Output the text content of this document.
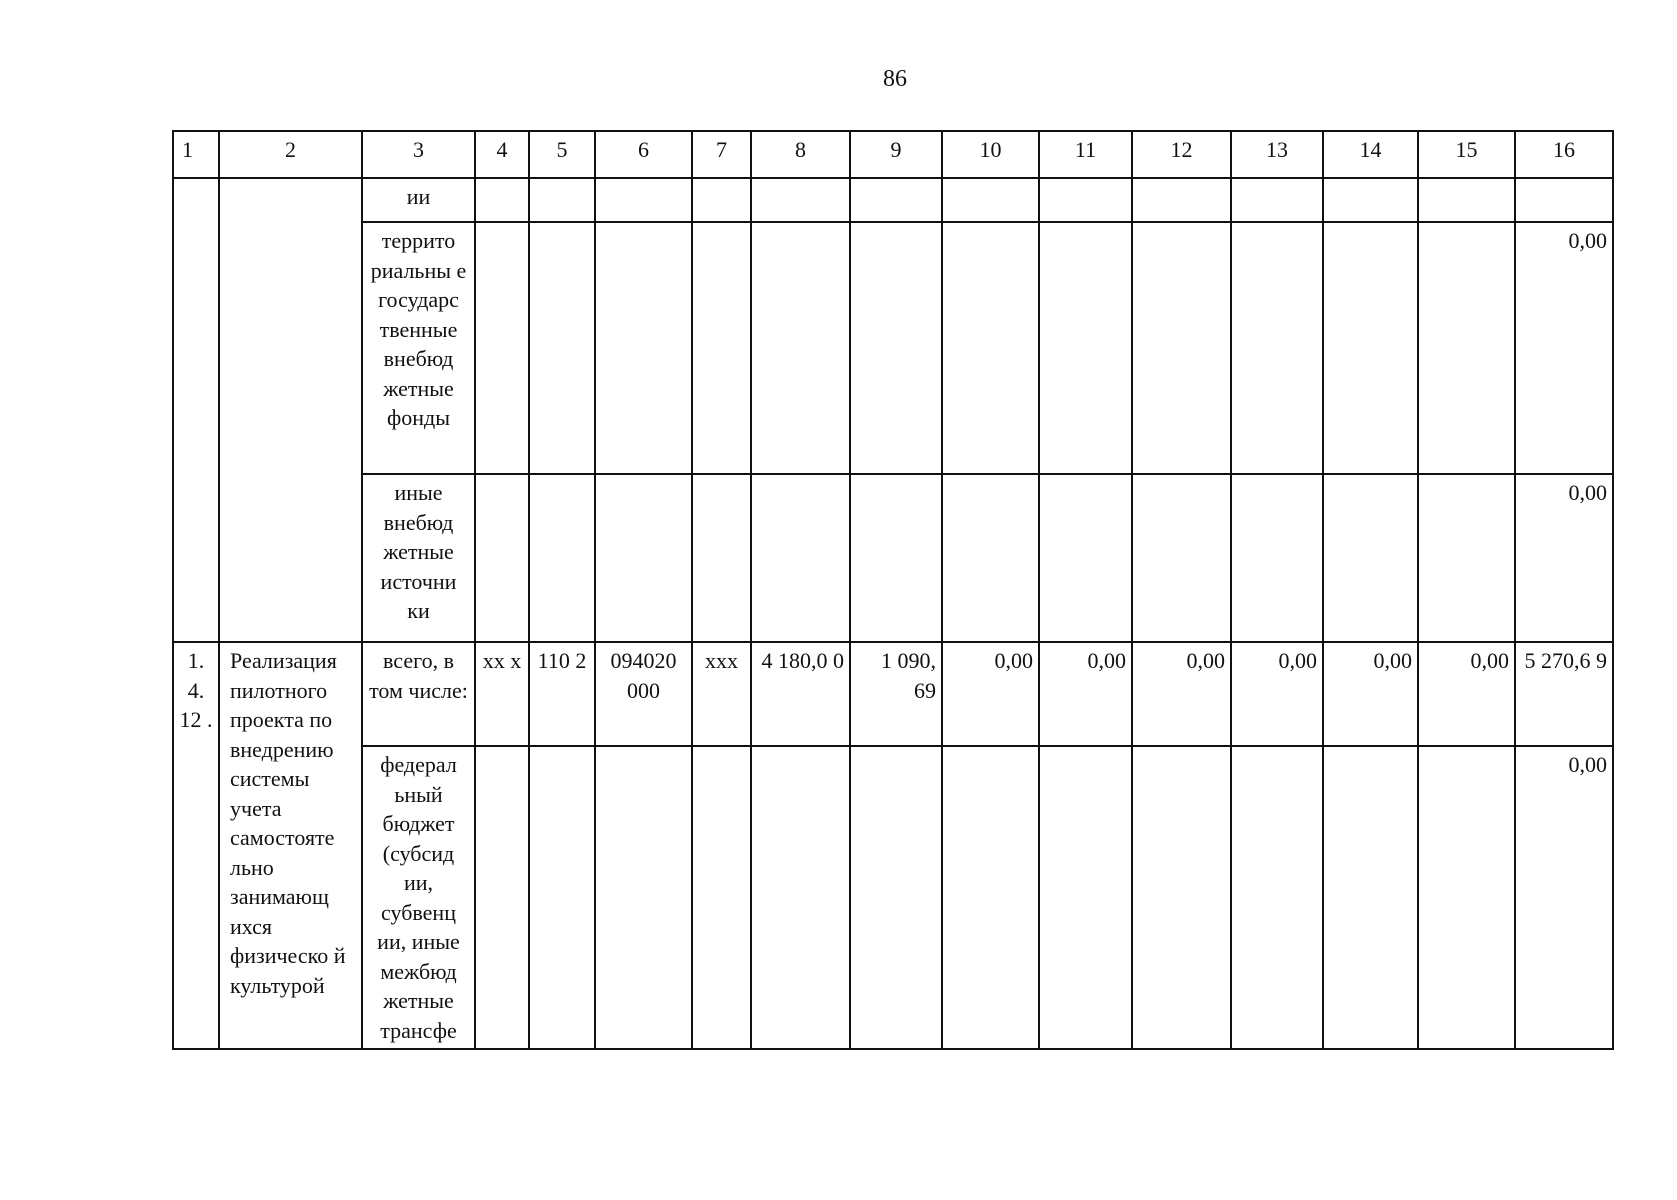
86
1	2	3	4	5	6	7	8	9	10	11	12	13	14	15	16
		ии													
		террито риальны е государс твенные внебюд жетные фонды													0,00
		иные внебюд жетные источни ки													0,00
1. 4. 12 .	Реализация пилотного проекта по внедрению системы учета самостояте льно занимающ ихся физическо й культурой	всего, в том числе:	хх х	110 2	094020 000	ххх	4 180,0 0	1 090, 69	0,00	0,00	0,00	0,00	0,00	0,00	5 270,6 9
		федерал ьный бюджет (субсид ии, субвенц ии, иные межбюд жетные трансфе													0,00
